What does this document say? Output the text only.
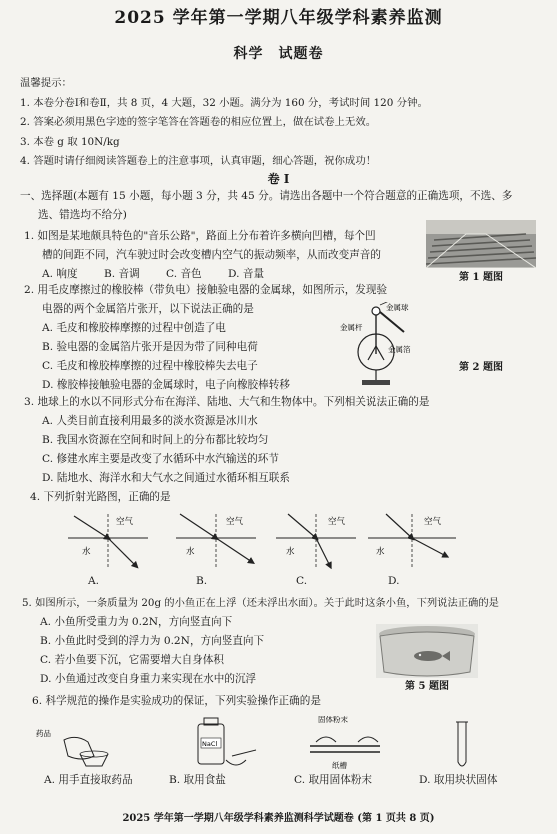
2025 学年第一学期八年级学科素养监测
科学　试题卷
温馨提示：
1. 本卷分卷Ⅰ和卷Ⅱ，共 8 页，4 大题，32 小题。满分为 160 分，考试时间 120 分钟。
2. 答案必须用黑色字迹的签字笔答在答题卷的相应位置上，做在试卷上无效。
3. 本卷 g 取 10N/kg
4. 答题时请仔细阅读答题卷上的注意事项，认真审题，细心答题，祝你成功！
卷 Ⅰ
一、选择题(本题有 15 小题，每小题 3 分，共 45 分。请选出各题中一个符合题意的正确选项，不选、多
选、错选均不给分)
1. 如图是某地颇具特色的"音乐公路"，路面上分布着许多横向凹槽，每个凹
槽的间距不同，汽车驶过时会改变槽内空气的振动频率，从而改变声音的
A. 响度	B. 音调	C. 音色	D. 音量	第 1 题图
2. 用毛皮摩擦过的橡胶棒（带负电）接触验电器的金属球，如图所示，发现验
电器的两个金属箔片张开，以下说法正确的是
A. 毛皮和橡胶棒摩擦的过程中创造了电
B. 验电器的金属箔片张开是因为带了同种电荷
C. 毛皮和橡胶棒摩擦的过程中橡胶棒失去电子
D. 橡胶棒接触验电器的金属球时，电子向橡胶棒转移
金属球
金属杆
金属箔
第 2 题图
3. 地球上的水以不同形式分布在海洋、陆地、大气和生物体中。下列相关说法正确的是
A. 人类目前直接利用最多的淡水资源是冰川水
B. 我国水资源在空间和时间上的分布都比较均匀
C. 修建水库主要是改变了水循环中水汽输送的环节
D. 陆地水、海洋水和大气水之间通过水循环相互联系
4. 下列折射光路图，正确的是
空气
水
空气
水
空气
水
空气
水
A.	B.	C.	D.
5. 如图所示，一条质量为 20g 的小鱼正在上浮（还未浮出水面）。关于此时这条小鱼，下列说法正确的是
A. 小鱼所受重力为 0.2N，方向竖直向下
B. 小鱼此时受到的浮力为 0.2N，方向竖直向下
C. 若小鱼要下沉，它需要增大自身体积
D. 小鱼通过改变自身重力来实现在水中的沉浮
第 5 题图
6. 科学规范的操作是实验成功的保证，下列实验操作正确的是
药品
NaCl
固体粉末
纸槽
A. 用手直接取药品	B. 取用食盐	C. 取用固体粉末	D. 取用块状固体
2025 学年第一学期八年级学科素养监测科学试题卷 (第 1 页共 8 页)
